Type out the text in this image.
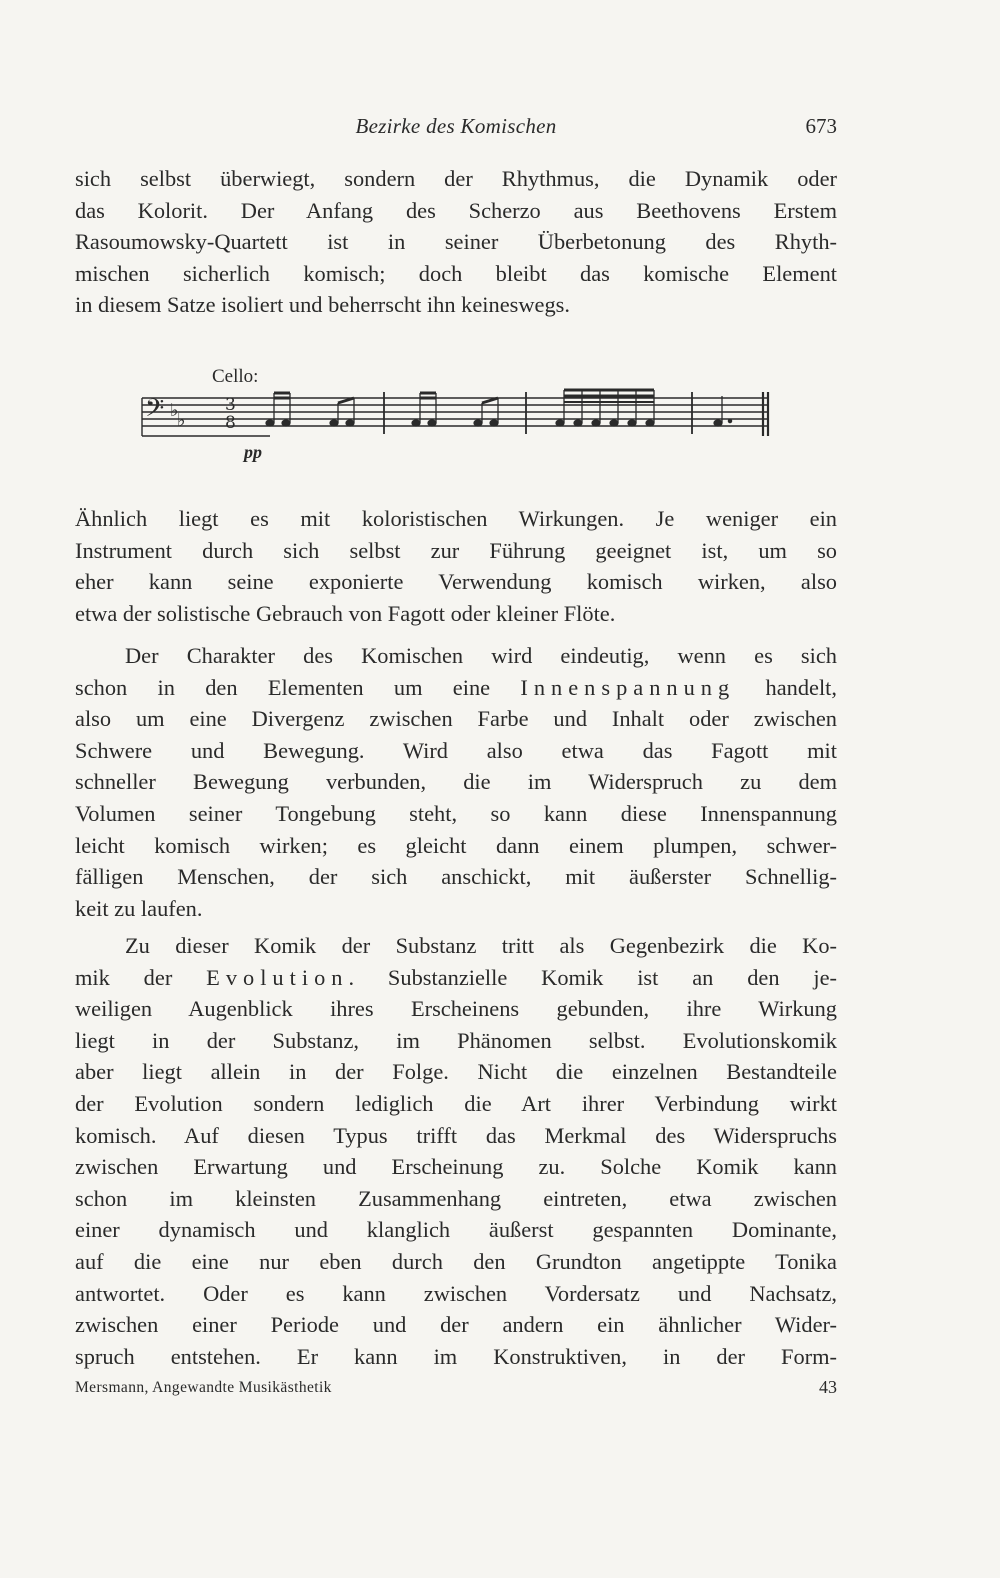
Bezirke des Komischen	673
sich selbst überwiegt, sondern der Rhythmus, die Dynamik oder
das Kolorit. Der Anfang des Scherzo aus Beethovens Erstem
Rasoumowsky-Quartett ist in seiner Überbetonung des Rhyth-
mischen sicherlich komisch; doch bleibt das komische Element
in diesem Satze isoliert und beherrscht ihn keineswegs.
Cello:
𝄢 ♭
♭
3
8
pp
Ähnlich liegt es mit koloristischen Wirkungen. Je weniger ein
Instrument durch sich selbst zur Führung geeignet ist, um so
eher kann seine exponierte Verwendung komisch wirken, also
etwa der solistische Gebrauch von Fagott oder kleiner Flöte.
Der Charakter des Komischen wird eindeutig, wenn es sich
schon in den Elementen um eine Innenspannung handelt,
also um eine Divergenz zwischen Farbe und Inhalt oder zwischen
Schwere und Bewegung. Wird also etwa das Fagott mit
schneller Bewegung verbunden, die im Widerspruch zu dem
Volumen seiner Tongebung steht, so kann diese Innenspannung
leicht komisch wirken; es gleicht dann einem plumpen, schwer-
fälligen Menschen, der sich anschickt, mit äußerster Schnellig-
keit zu laufen.
Zu dieser Komik der Substanz tritt als Gegenbezirk die Ko-
mik der Evolution. Substanzielle Komik ist an den je-
weiligen Augenblick ihres Erscheinens gebunden, ihre Wirkung
liegt in der Substanz, im Phänomen selbst. Evolutionskomik
aber liegt allein in der Folge. Nicht die einzelnen Bestandteile
der Evolution sondern lediglich die Art ihrer Verbindung wirkt
komisch. Auf diesen Typus trifft das Merkmal des Widerspruchs
zwischen Erwartung und Erscheinung zu. Solche Komik kann
schon im kleinsten Zusammenhang eintreten, etwa zwischen
einer dynamisch und klanglich äußerst gespannten Dominante,
auf die eine nur eben durch den Grundton angetippte Tonika
antwortet. Oder es kann zwischen Vordersatz und Nachsatz,
zwischen einer Periode und der andern ein ähnlicher Wider-
spruch entstehen. Er kann im Konstruktiven, in der Form-
Mersmann, Angewandte Musikästhetik	43
